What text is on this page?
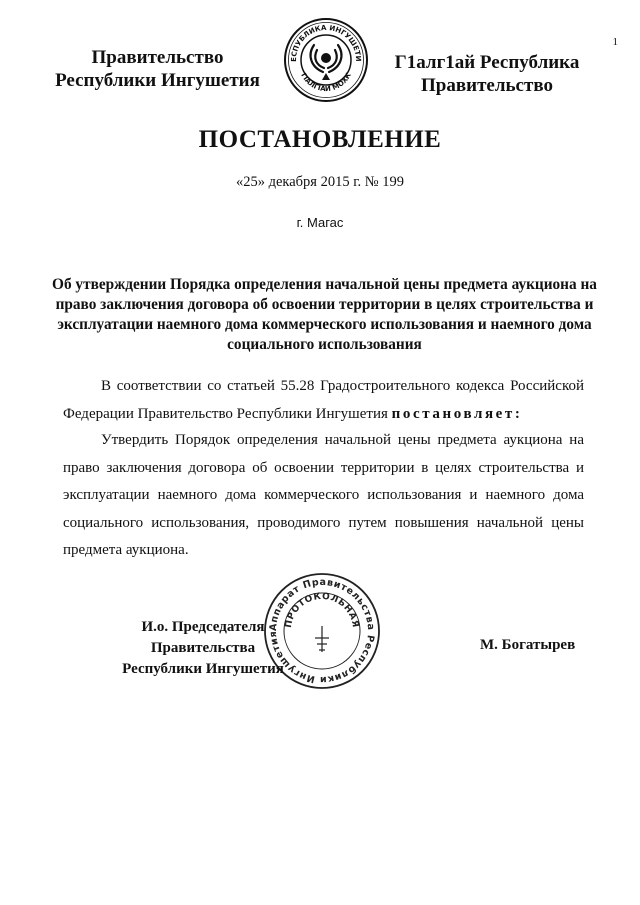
1
Правительство
Республики Ингушетия
ЕСПУБЛИКА ИНГУШЕТИ
ГІАЛГІАЙ МОХК
Г1алг1ай Республика
Правительство
ПОСТАНОВЛЕНИЕ
«25» декабря 2015 г. № 199
г. Магас
Об утверждении Порядка определения начальной цены предмета аукциона на право заключения договора об освоении территории в целях строительства и эксплуатации наемного дома коммерческого использования и наемного дома социального использования
В соответствии со статьей 55.28 Градостроительного кодекса Российской Федерации Правительство Республики Ингушетия постановляет:
Утвердить Порядок определения начальной цены предмета аукциона на право заключения договора об освоении территории в целях строительства и эксплуатации наемного дома коммерческого использования и наемного дома социального использования, проводимого путем повышения начальной цены предмета аукциона.
Аппарат Правительства Республики Ингушетия
ПРОТОКОЛЬНАЯ
И.о. Председателя Правительства
Республики Ингушетия
М. Богатырев
